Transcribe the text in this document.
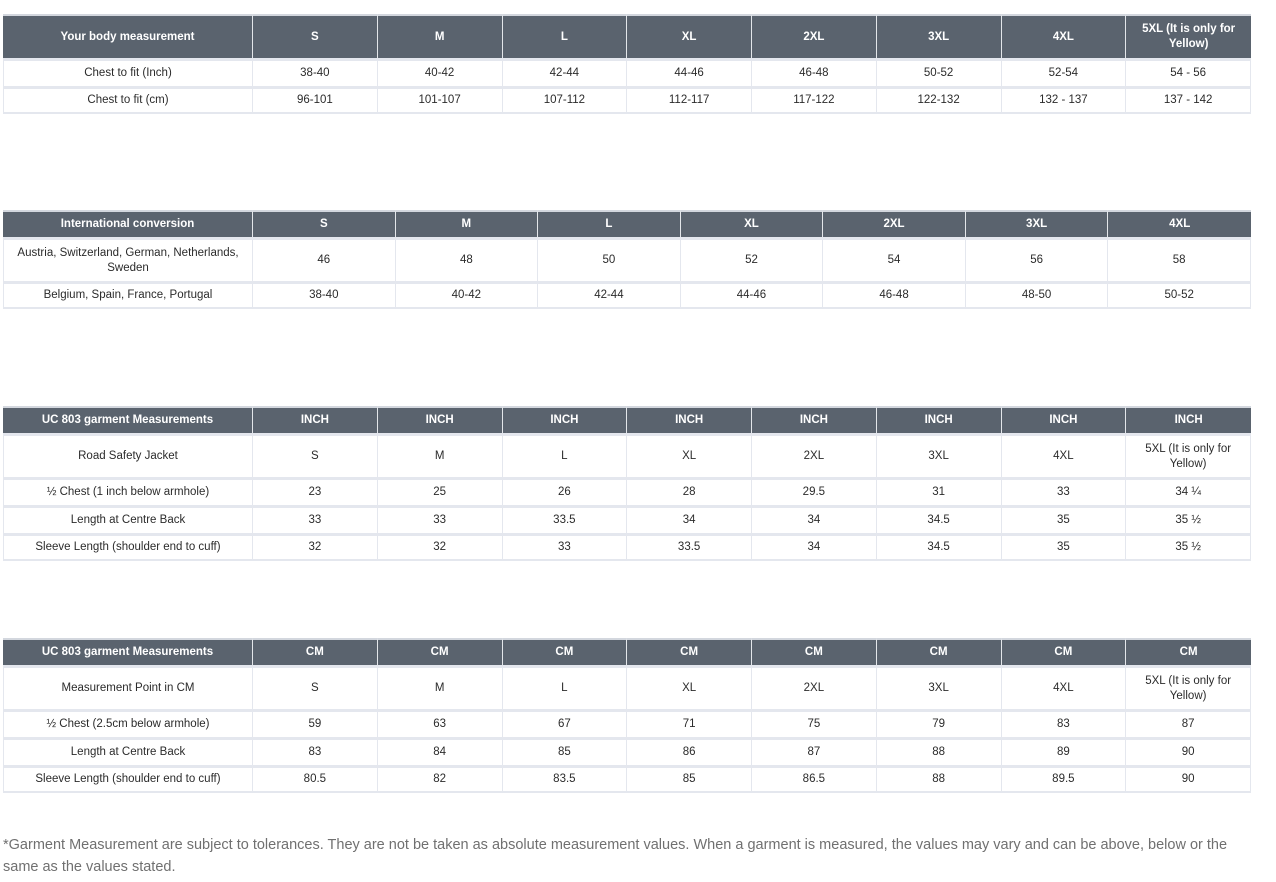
Your body measurement	S	M	L	XL	2XL	3XL	4XL	5XL (It is only for Yellow)
Chest to fit (Inch)	38-40	40-42	42-44	44-46	46-48	50-52	52-54	54 - 56
Chest to fit (cm)	96-101	101-107	107-112	112-117	117-122	122-132	132 - 137	137 - 142
International conversion	S	M	L	XL	2XL	3XL	4XL
Austria, Switzerland, German, Netherlands, Sweden	46	48	50	52	54	56	58
Belgium, Spain, France, Portugal	38-40	40-42	42-44	44-46	46-48	48-50	50-52
UC 803 garment Measurements	INCH	INCH	INCH	INCH	INCH	INCH	INCH	INCH
Road Safety Jacket	S	M	L	XL	2XL	3XL	4XL	5XL (It is only for Yellow)
½ Chest (1 inch below armhole)	23	25	26	28	29.5	31	33	34 ¼
Length at Centre Back	33	33	33.5	34	34	34.5	35	35 ½
Sleeve Length (shoulder end to cuff)	32	32	33	33.5	34	34.5	35	35 ½
UC 803 garment Measurements	CM	CM	CM	CM	CM	CM	CM	CM
Measurement Point in CM	S	M	L	XL	2XL	3XL	4XL	5XL (It is only for Yellow)
½ Chest (2.5cm below armhole)	59	63	67	71	75	79	83	87
Length at Centre Back	83	84	85	86	87	88	89	90
Sleeve Length (shoulder end to cuff)	80.5	82	83.5	85	86.5	88	89.5	90
*Garment Measurement are subject to tolerances. They are not be taken as absolute measurement values. When a garment is measured, the values may vary and can be above, below or the same as the values stated.
